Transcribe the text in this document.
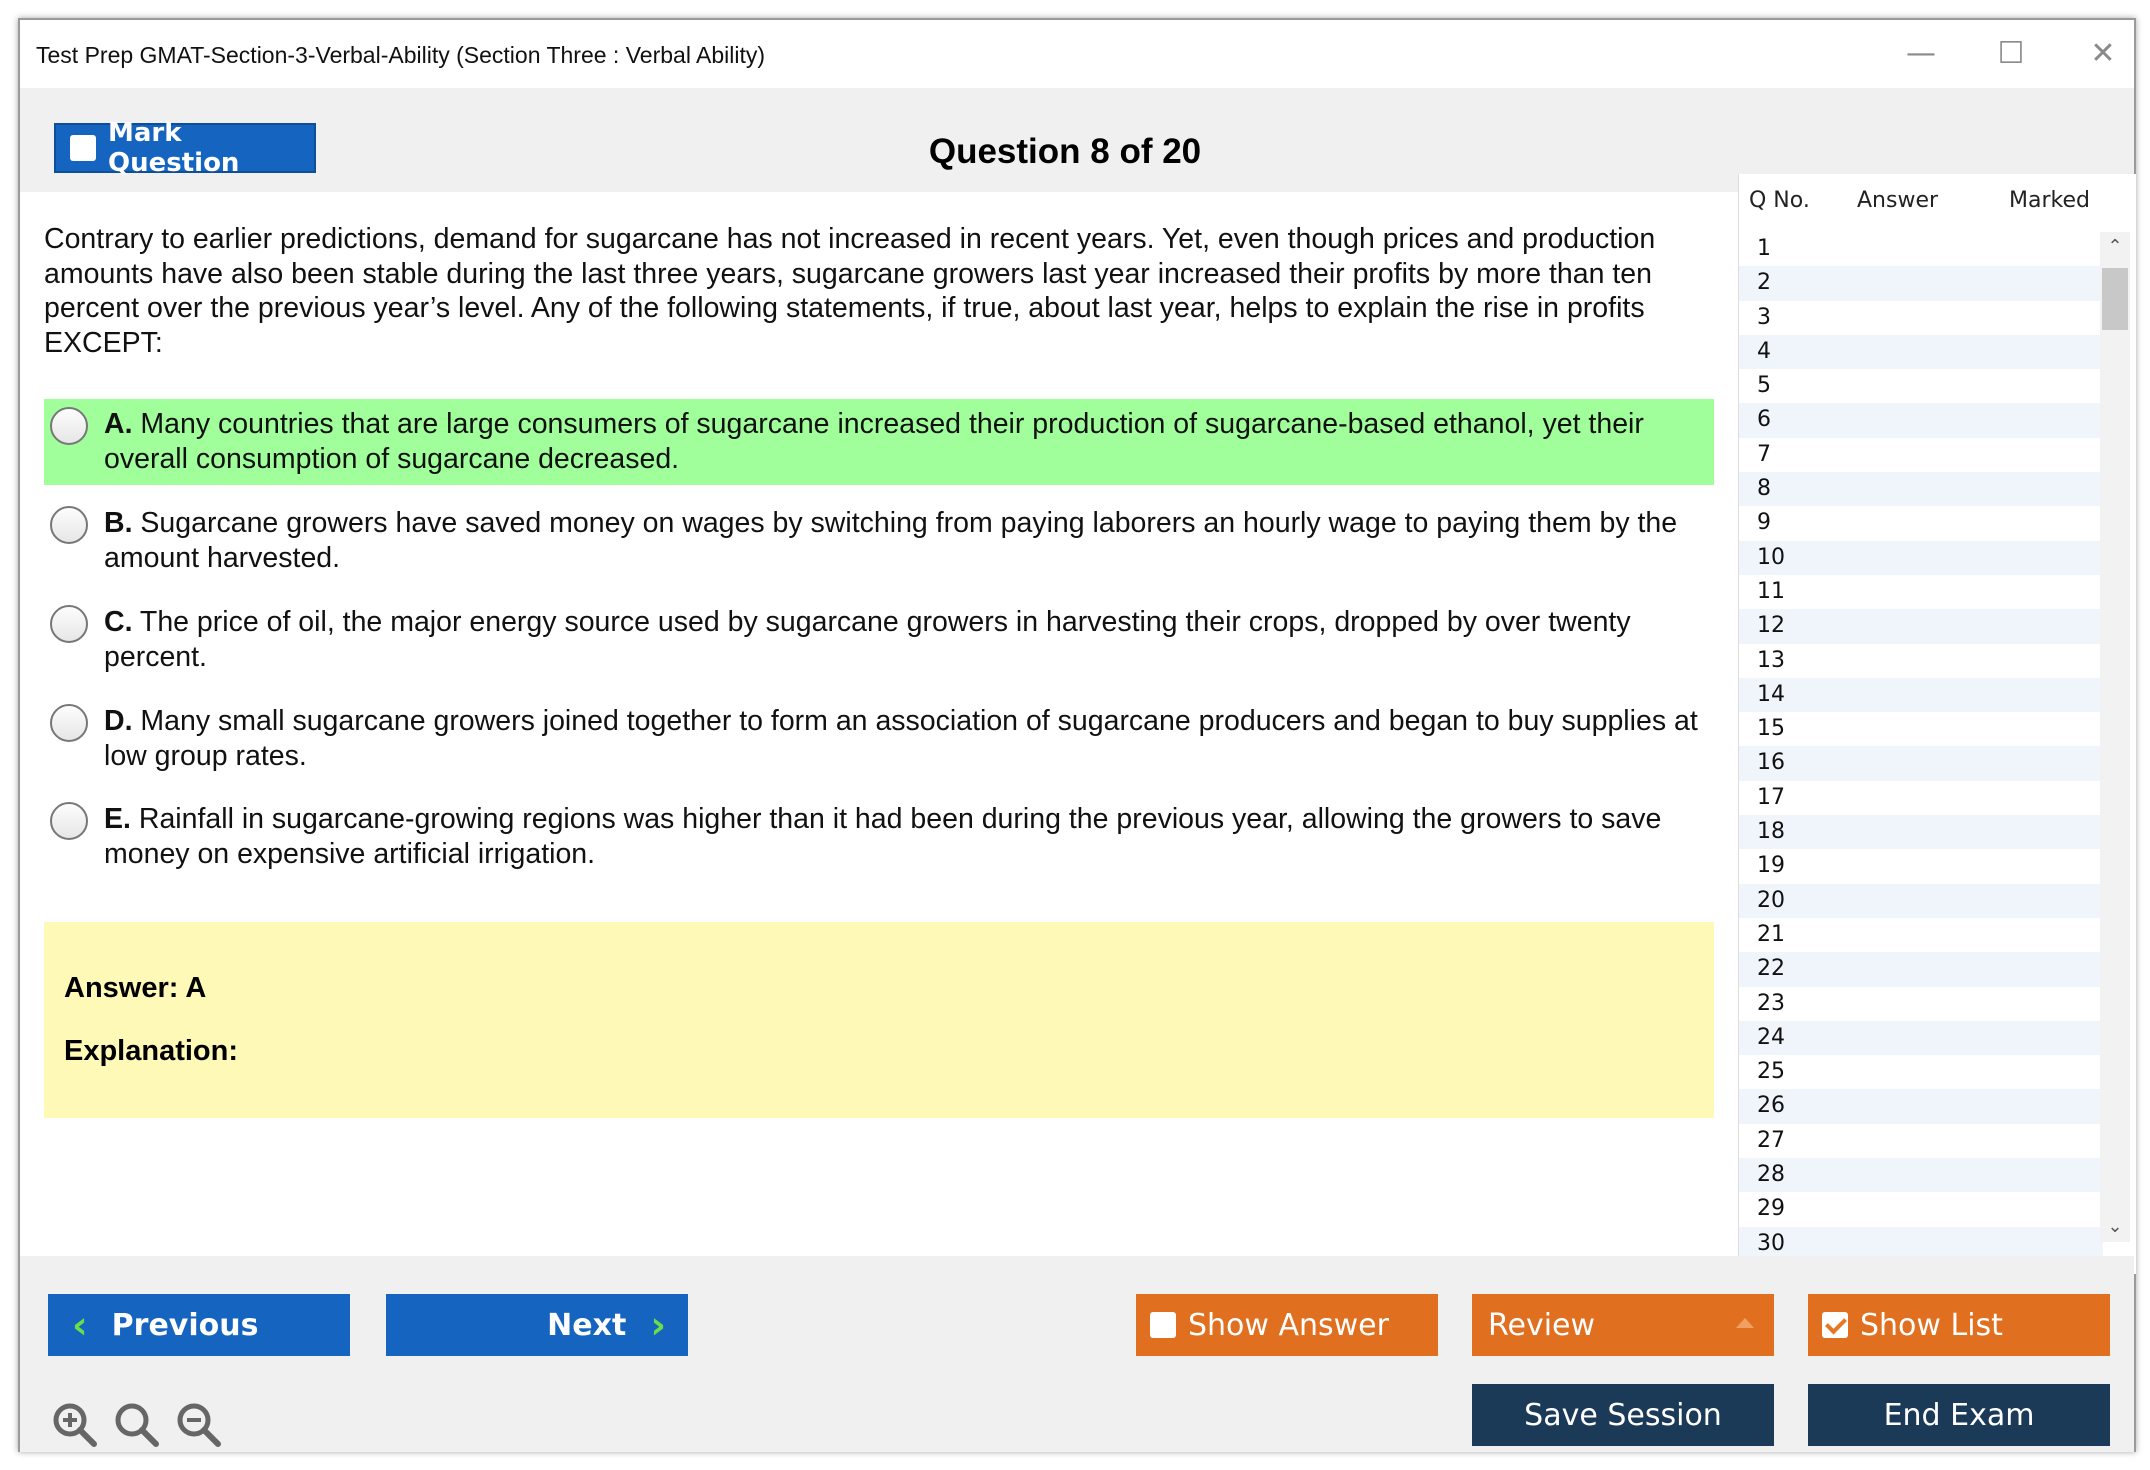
Test Prep GMAT-Section-3-Verbal-Ability (Section Three : Verbal Ability)	—	☐	✕
Mark Question	Question 8 of 20
Contrary to earlier predictions, demand for sugarcane has not increased in recent years. Yet, even though prices and production amounts have also been stable during the last three years, sugarcane growers last year increased their profits by more than ten percent over the previous year’s level. Any of the following statements, if true, about last year, helps to explain the rise in profits EXCEPT:
A. Many countries that are large consumers of sugarcane increased their production of sugarcane-based ethanol, yet their overall consumption of sugarcane decreased.
B. Sugarcane growers have saved money on wages by switching from paying laborers an hourly wage to paying them by the amount harvested.
C. The price of oil, the major energy source used by sugarcane growers in harvesting their crops, dropped by over twenty percent.
D. Many small sugarcane growers joined together to form an association of sugarcane producers and began to buy supplies at low group rates.
E. Rainfall in sugarcane-growing regions was higher than it had been during the previous year, allowing the growers to save money on expensive artificial irrigation.
Answer: A
Explanation:
Q No. Answer	Marked
1
2
3
4
5
6
7
8
9
10
11
12
13
14
15
16
17
18
19
20
21
22
23
24
25
26
27
28
29
30
⌃
⌄
‹ Previous	Next ›	Show Answer	Review	Show List
Save Session	End Exam
